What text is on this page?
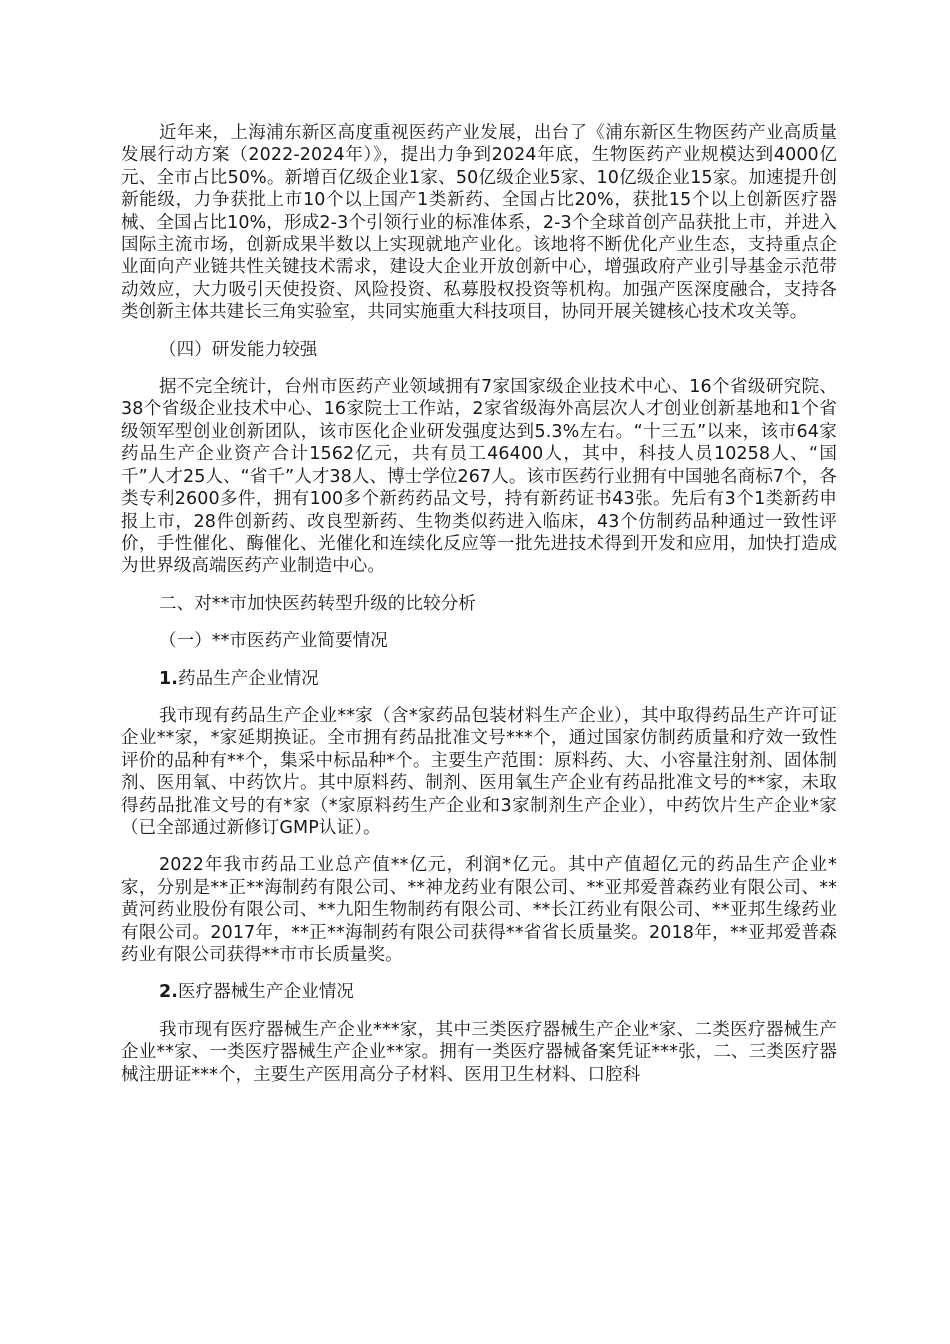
近年来，上海浦东新区高度重视医药产业发展，出台了《浦东新区生物医药产业高质量发展行动方案（2022-2024年）》，提出力争到2024年底，生物医药产业规模达到4000亿元、全市占比50%。新增百亿级企业1家、50亿级企业5家、10亿级企业15家。加速提升创新能级，力争获批上市10个以上国产1类新药、全国占比20%，获批15个以上创新医疗器械、全国占比10%，形成2-3个引领行业的标准体系，2-3个全球首创产品获批上市，并进入国际主流市场，创新成果半数以上实现就地产业化。该地将不断优化产业生态，支持重点企业面向产业链共性关键技术需求，建设大企业开放创新中心，增强政府产业引导基金示范带动效应，大力吸引天使投资、风险投资、私募股权投资等机构。加强产医深度融合，支持各类创新主体共建长三角实验室，共同实施重大科技项目，协同开展关键核心技术攻关等。

（四）研发能力较强

据不完全统计，台州市医药产业领域拥有7家国家级企业技术中心、16个省级研究院、38个省级企业技术中心、16家院士工作站，2家省级海外高层次人才创业创新基地和1个省级领军型创业创新团队，该市医化企业研发强度达到5.3%左右。“十三五”以来，该市64家药品生产企业资产合计1562亿元，共有员工46400人，其中，科技人员10258人、“国千”人才25人、“省千”人才38人、博士学位267人。该市医药行业拥有中国驰名商标7个，各类专利2600多件，拥有100多个新药药品文号，持有新药证书43张。先后有3个1类新药申报上市，28件创新药、改良型新药、生物类似药进入临床，43个仿制药品种通过一致性评价，手性催化、酶催化、光催化和连续化反应等一批先进技术得到开发和应用，加快打造成为世界级高端医药产业制造中心。

二、对**市加快医药转型升级的比较分析

（一）**市医药产业简要情况

1.药品生产企业情况

我市现有药品生产企业**家（含*家药品包装材料生产企业），其中取得药品生产许可证企业**家，*家延期换证。全市拥有药品批准文号***个，通过国家仿制药质量和疗效一致性评价的品种有**个，集采中标品种*个。主要生产范围：原料药、大、小容量注射剂、固体制剂、医用氧、中药饮片。其中原料药、制剂、医用氧生产企业有药品批准文号的**家，未取得药品批准文号的有*家（*家原料药生产企业和3家制剂生产企业），中药饮片生产企业*家（已全部通过新修订GMP认证）。

2022年我市药品工业总产值**亿元，利润*亿元。其中产值超亿元的药品生产企业*家，分别是**正**海制药有限公司、**神龙药业有限公司、**亚邦爱普森药业有限公司、**黄河药业股份有限公司、**九阳生物制药有限公司、**长江药业有限公司、**亚邦生缘药业有限公司。2017年，**正**海制药有限公司获得**省省长质量奖。2018年，**亚邦爱普森药业有限公司获得**市市长质量奖。

2.医疗器械生产企业情况

我市现有医疗器械生产企业***家，其中三类医疗器械生产企业*家、二类医疗器械生产企业**家、一类医疗器械生产企业**家。拥有一类医疗器械备案凭证***张，二、三类医疗器械注册证***个，主要生产医用高分子材料、医用卫生材料、口腔科
